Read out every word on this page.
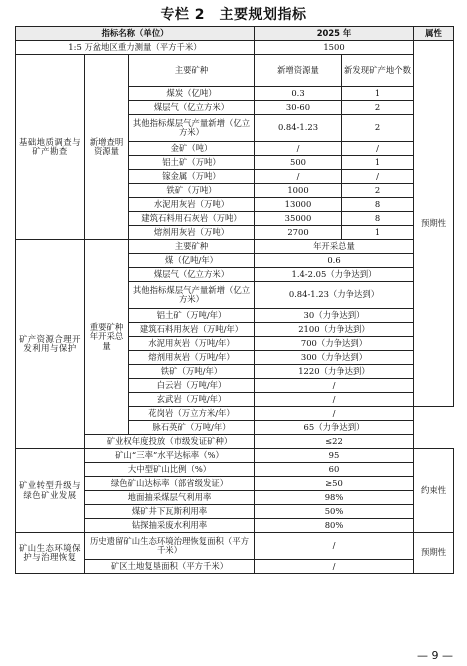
专栏 2　主要规划指标
指标名称（单位）			2025 年		属性
1:5 万盆地区重力测量（平方千米）			1500		预期性
基础地质调查与矿产勘查	新增查明资源量	主要矿种	新增资源量	新发现矿产地个数	
		煤炭（亿吨）	0.3	1	
		煤层气（亿立方米）	30-60	2	
		其他指标煤层气产量新增（亿立方米）	0.84-1.23	2	
		金矿（吨）	/	/	
		铝土矿（万吨）	500	1	
		镓金属（万吨）	/	/	
		铁矿（万吨）	1000	2	
		水泥用灰岩（万吨）	13000	8	
		建筑石料用石灰岩（万吨）	35000	8	
		熔剂用灰岩（万吨）	2700	1	
矿产资源合理开发利用与保护	重要矿种年开采总量	主要矿种	年开采总量		
		煤（亿吨/年）	0.6		
		煤层气（亿立方米）	1.4-2.05（力争达到）		
		其他指标煤层气产量新增（亿立方米）	0.84-1.23（力争达到）		
		铝土矿（万吨/年）	30（力争达到）		
		建筑石料用灰岩（万吨/年）	2100（力争达到）		
		水泥用灰岩（万吨/年）	700（力争达到）		
		熔剂用灰岩（万吨/年）	300（力争达到）		
		铁矿（万吨/年）	1220（力争达到）		
		白云岩（万吨/年）	/		
		玄武岩（万吨/年）	/		
		花岗岩（万立方米/年）	/		
		脉石英矿（万吨/年）	65（力争达到）		
	矿业权年度投放（市级发证矿种）		≤22		
矿业转型升级与绿色矿业发展	矿山“三率”水平达标率（%）		95		约束性
	大中型矿山比例（%）		60		
	绿色矿山达标率（部省级发证）		≥50		
	地面抽采煤层气利用率		98%		
	煤矿井下瓦斯利用率		50%		
	钻探抽采废水利用率		80%		
矿山生态环境保护与治理恢复	历史遗留矿山生态环境治理恢复面积（平方千米）		/		预期性
	矿区土地复垦面积（平方千米）		/		
— 9 —
